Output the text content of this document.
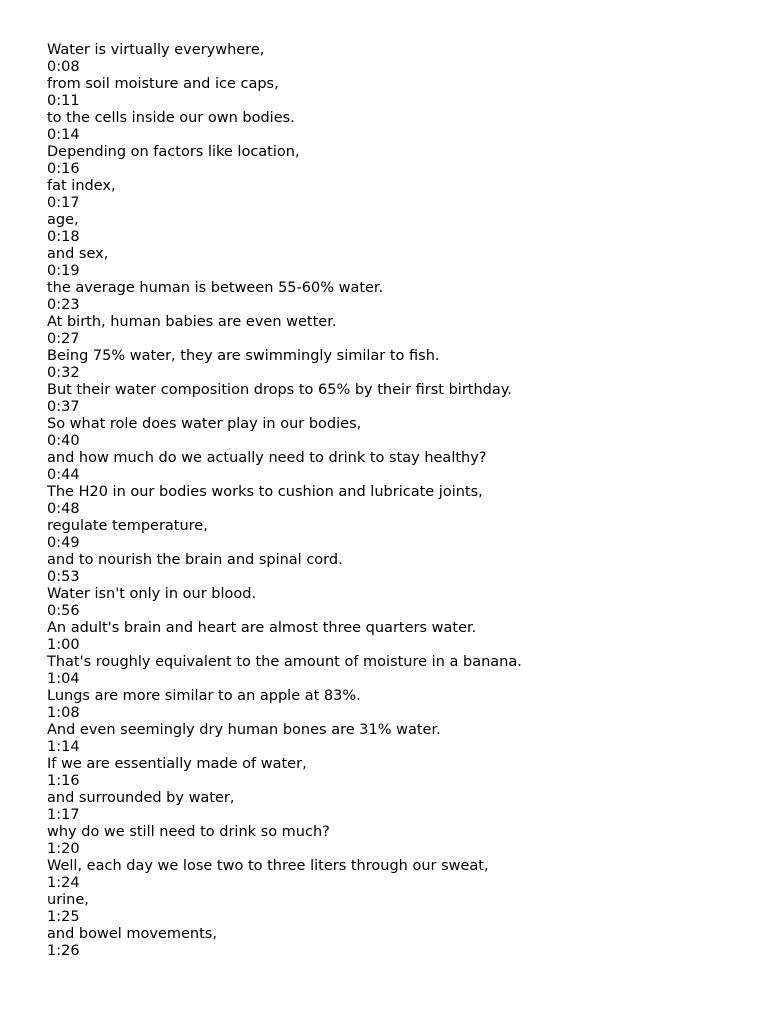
Water is virtually everywhere,
0:08
from soil moisture and ice caps,
0:11
to the cells inside our own bodies.
0:14
Depending on factors like location,
0:16
fat index,
0:17
age,
0:18
and sex,
0:19
the average human is between 55-60% water.
0:23
At birth, human babies are even wetter.
0:27
Being 75% water, they are swimmingly similar to fish.
0:32
But their water composition drops to 65% by their first birthday.
0:37
So what role does water play in our bodies,
0:40
and how much do we actually need to drink to stay healthy?
0:44
The H20 in our bodies works to cushion and lubricate joints,
0:48
regulate temperature,
0:49
and to nourish the brain and spinal cord.
0:53
Water isn't only in our blood.
0:56
An adult's brain and heart are almost three quarters water.
1:00
That's roughly equivalent to the amount of moisture in a banana.
1:04
Lungs are more similar to an apple at 83%.
1:08
And even seemingly dry human bones are 31% water.
1:14
If we are essentially made of water,
1:16
and surrounded by water,
1:17
why do we still need to drink so much?
1:20
Well, each day we lose two to three liters through our sweat,
1:24
urine,
1:25
and bowel movements,
1:26
